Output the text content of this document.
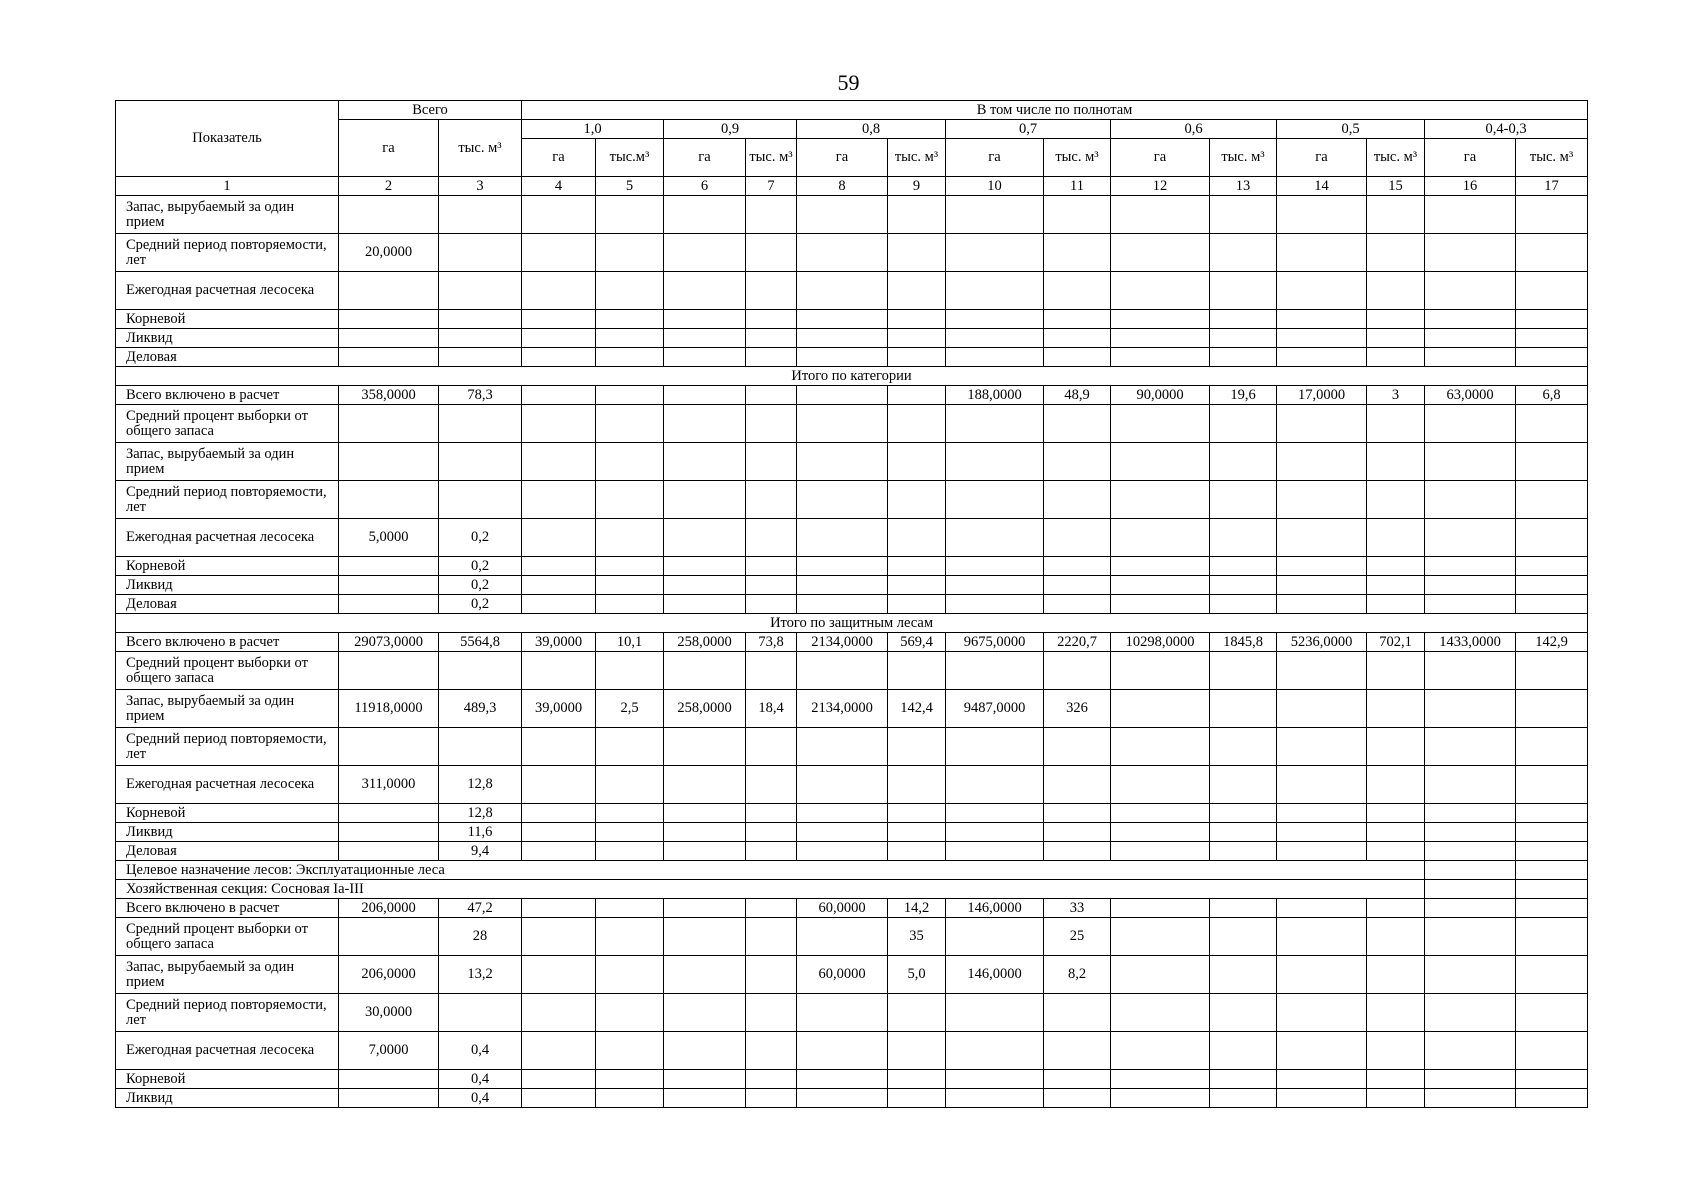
59
Показатель	Всего		В том числе по полнотам													
	га	тыс. м³	1,0		0,9		0,8		0,7		0,6		0,5		0,4-0,3	
			га	тыс.м³	га	тыс. м³	га	тыс. м³	га	тыс. м³	га	тыс. м³	га	тыс. м³	га	тыс. м³
1	2	3	4	5	6	7	8	9	10	11	12	13	14	15	16	17
Запас, вырубаемый за один прием																
Средний период повторяемости, лет	20,0000															
Ежегодная расчетная лесосека																
Корневой																
Ликвид																
Деловая																
Итого по категории																
Всего включено в расчет	358,0000	78,3							188,0000	48,9	90,0000	19,6	17,0000	3	63,0000	6,8
Средний процент выборки от общего запаса																
Запас, вырубаемый за один прием																
Средний период повторяемости, лет																
Ежегодная расчетная лесосека	5,0000	0,2														
Корневой		0,2														
Ликвид		0,2														
Деловая		0,2														
Итого по защитным лесам																
Всего включено в расчет	29073,0000	5564,8	39,0000	10,1	258,0000	73,8	2134,0000	569,4	9675,0000	2220,7	10298,0000	1845,8	5236,0000	702,1	1433,0000	142,9
Средний процент выборки от общего запаса																
Запас, вырубаемый за один прием	11918,0000	489,3	39,0000	2,5	258,0000	18,4	2134,0000	142,4	9487,0000	326						
Средний период повторяемости, лет																
Ежегодная расчетная лесосека	311,0000	12,8														
Корневой		12,8														
Ликвид		11,6														
Деловая		9,4														
Целевое назначение лесов: Эксплуатационные леса																
Хозяйственная секция: Сосновая Ia-III																
Всего включено в расчет	206,0000	47,2					60,0000	14,2	146,0000	33						
Средний процент выборки от общего запаса		28						35		25						
Запас, вырубаемый за один прием	206,0000	13,2					60,0000	5,0	146,0000	8,2						
Средний период повторяемости, лет	30,0000															
Ежегодная расчетная лесосека	7,0000	0,4														
Корневой		0,4														
Ликвид		0,4														
